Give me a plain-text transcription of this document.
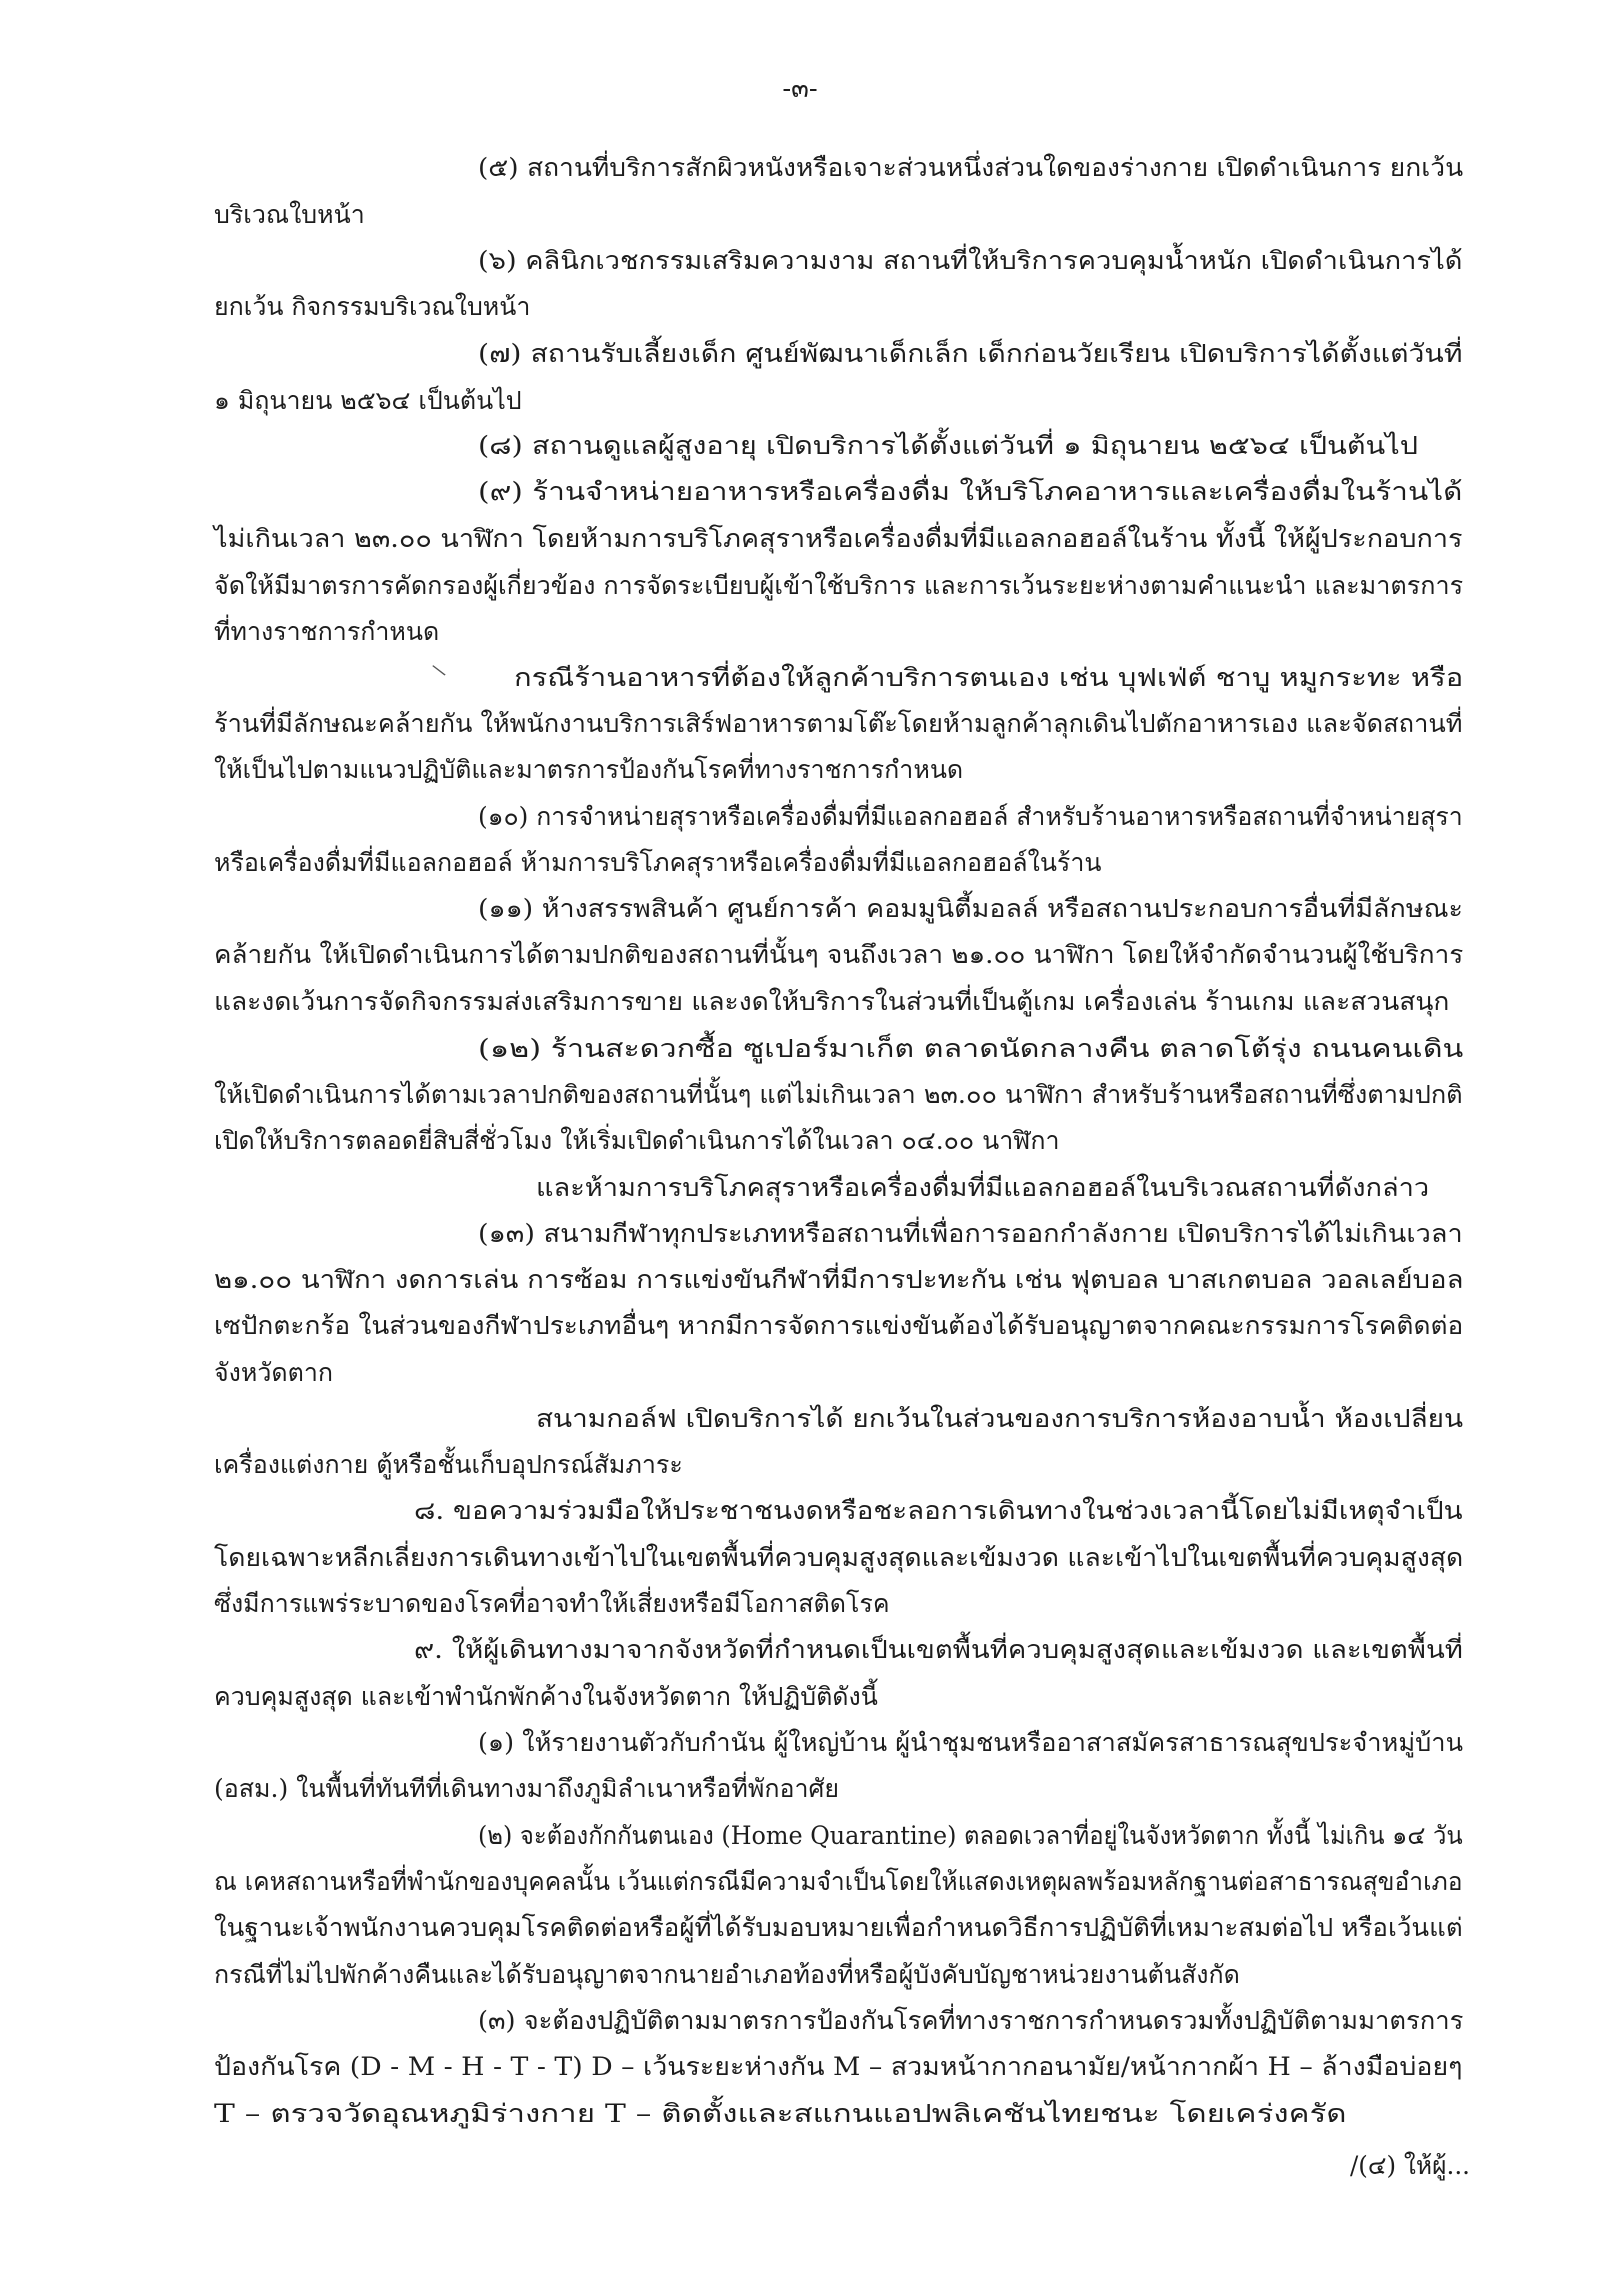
-๓-
\
(๕) สถานที่บริการสักผิวหนังหรือเจาะส่วนหนึ่งส่วนใดของร่างกาย เปิดดำเนินการ ยกเว้น
บริเวณใบหน้า
(๖) คลินิกเวชกรรมเสริมความงาม สถานที่ให้บริการควบคุมน้ำหนัก เปิดดำเนินการได้
ยกเว้น กิจกรรมบริเวณใบหน้า
(๗) สถานรับเลี้ยงเด็ก ศูนย์พัฒนาเด็กเล็ก เด็กก่อนวัยเรียน เปิดบริการได้ตั้งแต่วันที่
๑ มิถุนายน ๒๕๖๔ เป็นต้นไป
(๘) สถานดูแลผู้สูงอายุ เปิดบริการได้ตั้งแต่วันที่ ๑ มิถุนายน ๒๕๖๔ เป็นต้นไป
(๙) ร้านจำหน่ายอาหารหรือเครื่องดื่ม ให้บริโภคอาหารและเครื่องดื่มในร้านได้
ไม่เกินเวลา ๒๓.๐๐ นาฬิกา โดยห้ามการบริโภคสุราหรือเครื่องดื่มที่มีแอลกอฮอล์ในร้าน ทั้งนี้ ให้ผู้ประกอบการ
จัดให้มีมาตรการคัดกรองผู้เกี่ยวข้อง การจัดระเบียบผู้เข้าใช้บริการ และการเว้นระยะห่างตามคำแนะนำ และมาตรการ
ที่ทางราชการกำหนด
กรณีร้านอาหารที่ต้องให้ลูกค้าบริการตนเอง เช่น บุฟเฟ่ต์ ชาบู หมูกระทะ หรือ
ร้านที่มีลักษณะคล้ายกัน ให้พนักงานบริการเสิร์ฟอาหารตามโต๊ะโดยห้ามลูกค้าลุกเดินไปตักอาหารเอง และจัดสถานที่
ให้เป็นไปตามแนวปฏิบัติและมาตรการป้องกันโรคที่ทางราชการกำหนด
(๑๐) การจำหน่ายสุราหรือเครื่องดื่มที่มีแอลกอฮอล์ สำหรับร้านอาหารหรือสถานที่จำหน่ายสุรา
หรือเครื่องดื่มที่มีแอลกอฮอล์ ห้ามการบริโภคสุราหรือเครื่องดื่มที่มีแอลกอฮอล์ในร้าน
(๑๑) ห้างสรรพสินค้า ศูนย์การค้า คอมมูนิตี้มอลล์ หรือสถานประกอบการอื่นที่มีลักษณะ
คล้ายกัน ให้เปิดดำเนินการได้ตามปกติของสถานที่นั้นๆ จนถึงเวลา ๒๑.๐๐ นาฬิกา โดยให้จำกัดจำนวนผู้ใช้บริการ
และงดเว้นการจัดกิจกรรมส่งเสริมการขาย และงดให้บริการในส่วนที่เป็นตู้เกม เครื่องเล่น ร้านเกม และสวนสนุก
(๑๒) ร้านสะดวกซื้อ ซูเปอร์มาเก็ต ตลาดนัดกลางคืน ตลาดโต้รุ่ง ถนนคนเดิน
ให้เปิดดำเนินการได้ตามเวลาปกติของสถานที่นั้นๆ แต่ไม่เกินเวลา ๒๓.๐๐ นาฬิกา สำหรับร้านหรือสถานที่ซึ่งตามปกติ
เปิดให้บริการตลอดยี่สิบสี่ชั่วโมง ให้เริ่มเปิดดำเนินการได้ในเวลา ๐๔.๐๐ นาฬิกา
และห้ามการบริโภคสุราหรือเครื่องดื่มที่มีแอลกอฮอล์ในบริเวณสถานที่ดังกล่าว
(๑๓) สนามกีฬาทุกประเภทหรือสถานที่เพื่อการออกกำลังกาย เปิดบริการได้ไม่เกินเวลา
๒๑.๐๐ นาฬิกา งดการเล่น การซ้อม การแข่งขันกีฬาที่มีการปะทะกัน เช่น ฟุตบอล บาสเกตบอล วอลเลย์บอล
เซปักตะกร้อ ในส่วนของกีฬาประเภทอื่นๆ หากมีการจัดการแข่งขันต้องได้รับอนุญาตจากคณะกรรมการโรคติดต่อ
จังหวัดตาก
สนามกอล์ฟ เปิดบริการได้ ยกเว้นในส่วนของการบริการห้องอาบน้ำ ห้องเปลี่ยน
เครื่องแต่งกาย ตู้หรือชั้นเก็บอุปกรณ์สัมภาระ
๘. ขอความร่วมมือให้ประชาชนงดหรือชะลอการเดินทางในช่วงเวลานี้โดยไม่มีเหตุจำเป็น
โดยเฉพาะหลีกเลี่ยงการเดินทางเข้าไปในเขตพื้นที่ควบคุมสูงสุดและเข้มงวด และเข้าไปในเขตพื้นที่ควบคุมสูงสุด
ซึ่งมีการแพร่ระบาดของโรคที่อาจทำให้เสี่ยงหรือมีโอกาสติดโรค
๙. ให้ผู้เดินทางมาจากจังหวัดที่กำหนดเป็นเขตพื้นที่ควบคุมสูงสุดและเข้มงวด และเขตพื้นที่
ควบคุมสูงสุด และเข้าพำนักพักค้างในจังหวัดตาก ให้ปฏิบัติดังนี้
(๑) ให้รายงานตัวกับกำนัน ผู้ใหญ่บ้าน ผู้นำชุมชนหรืออาสาสมัครสาธารณสุขประจำหมู่บ้าน
(อสม.) ในพื้นที่ทันทีที่เดินทางมาถึงภูมิลำเนาหรือที่พักอาศัย
(๒) จะต้องกักกันตนเอง (Home Quarantine) ตลอดเวลาที่อยู่ในจังหวัดตาก ทั้งนี้ ไม่เกิน ๑๔ วัน
ณ เคหสถานหรือที่พำนักของบุคคลนั้น เว้นแต่กรณีมีความจำเป็นโดยให้แสดงเหตุผลพร้อมหลักฐานต่อสาธารณสุขอำเภอ
ในฐานะเจ้าพนักงานควบคุมโรคติดต่อหรือผู้ที่ได้รับมอบหมายเพื่อกำหนดวิธีการปฏิบัติที่เหมาะสมต่อไป หรือเว้นแต่
กรณีที่ไม่ไปพักค้างคืนและได้รับอนุญาตจากนายอำเภอท้องที่หรือผู้บังคับบัญชาหน่วยงานต้นสังกัด
(๓) จะต้องปฏิบัติตามมาตรการป้องกันโรคที่ทางราชการกำหนดรวมทั้งปฏิบัติตามมาตรการ
ป้องกันโรค (D - M - H - T - T) D – เว้นระยะห่างกัน M – สวมหน้ากากอนามัย/หน้ากากผ้า H – ล้างมือบ่อยๆ
T – ตรวจวัดอุณหภูมิร่างกาย T – ติดตั้งและสแกนแอปพลิเคชันไทยชนะ โดยเคร่งครัด
/(๔) ให้ผู้...
